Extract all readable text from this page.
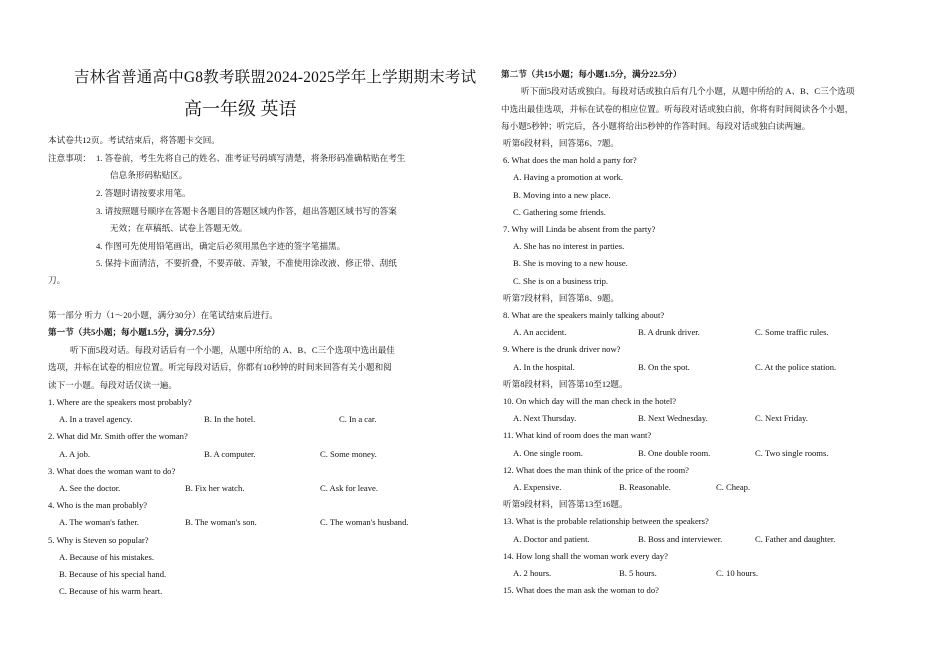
吉林省普通高中G8教考联盟2024-2025学年上学期期末考试
高一年级 英语
本试卷共12页。考试结束后，将答题卡交回。
注意事项： 1. 答卷前，考生先将自己的姓名、准考证号码填写清楚，将条形码准确粘贴在考生
信息条形码粘贴区。
2. 答题时请按要求用笔。
3. 请按照题号顺序在答题卡各题目的答题区域内作答，超出答题区域书写的答案
无效；在草稿纸、试卷上答题无效。
4. 作图可先使用铅笔画出，确定后必须用黑色字迹的签字笔描黑。
5. 保持卡面清洁，不要折叠，不要弄破、弄皱，不准使用涂改液、修正带、刮纸
刀。
第一部分 听力（1～20小题，满分30分）在笔试结束后进行。
第一节（共5小题；每小题1.5分，满分7.5分）
听下面5段对话。每段对话后有一个小题，从题中所给的 A、B、C三个选项中选出最佳
选项，并标在试卷的相应位置。听完每段对话后，你都有10秒钟的时间来回答有关小题和阅
读下一小题。每段对话仅读一遍。
1. Where are the speakers most probably?
A. In a travel agency.	B. In the hotel.	C. In a car.
2. What did Mr. Smith offer the woman?
A. A job.	B. A computer.	C. Some money.
3. What does the woman want to do?
A. See the doctor.	B. Fix her watch.	C. Ask for leave.
4. Who is the man probably?
A. The woman's father.	B. The woman's son.	C. The woman's husband.
5. Why is Steven so popular?
A. Because of his mistakes.
B. Because of his special hand.
C. Because of his warm heart.
第二节（共15小题；每小题1.5分，满分22.5分）
听下面5段对话或独白。每段对话或独白后有几个小题，从题中所给的 A、B、C三个选项
中选出最佳选项，并标在试卷的相应位置。听每段对话或独白前，你将有时间阅读各个小题，
每小题5秒钟；听完后，各小题将给出5秒钟的作答时间。每段对话或独白读两遍。
听第6段材料，回答第6、7题。
6. What does the man hold a party for?
A. Having a promotion at work.
B. Moving into a new place.
C. Gathering some friends.
7. Why will Linda be absent from the party?
A. She has no interest in parties.
B. She is moving to a new house.
C. She is on a business trip.
听第7段材料，回答第8、9题。
8. What are the speakers mainly talking about?
A. An accident.	B. A drunk driver.	C. Some traffic rules.
9. Where is the drunk driver now?
A. In the hospital.	B. On the spot.	C. At the police station.
听第8段材料，回答第10至12题。
10. On which day will the man check in the hotel?
A. Next Thursday.	B. Next Wednesday.	C. Next Friday.
11. What kind of room does the man want?
A. One single room.	B. One double room.	C. Two single rooms.
12. What does the man think of the price of the room?
A. Expensive.	B. Reasonable.	C. Cheap.
听第9段材料，回答第13至16题。
13. What is the probable relationship between the speakers?
A. Doctor and patient.	B. Boss and interviewer.	C. Father and daughter.
14. How long shall the woman work every day?
A. 2 hours.	B. 5 hours.	C. 10 hours.
15. What does the man ask the woman to do?
